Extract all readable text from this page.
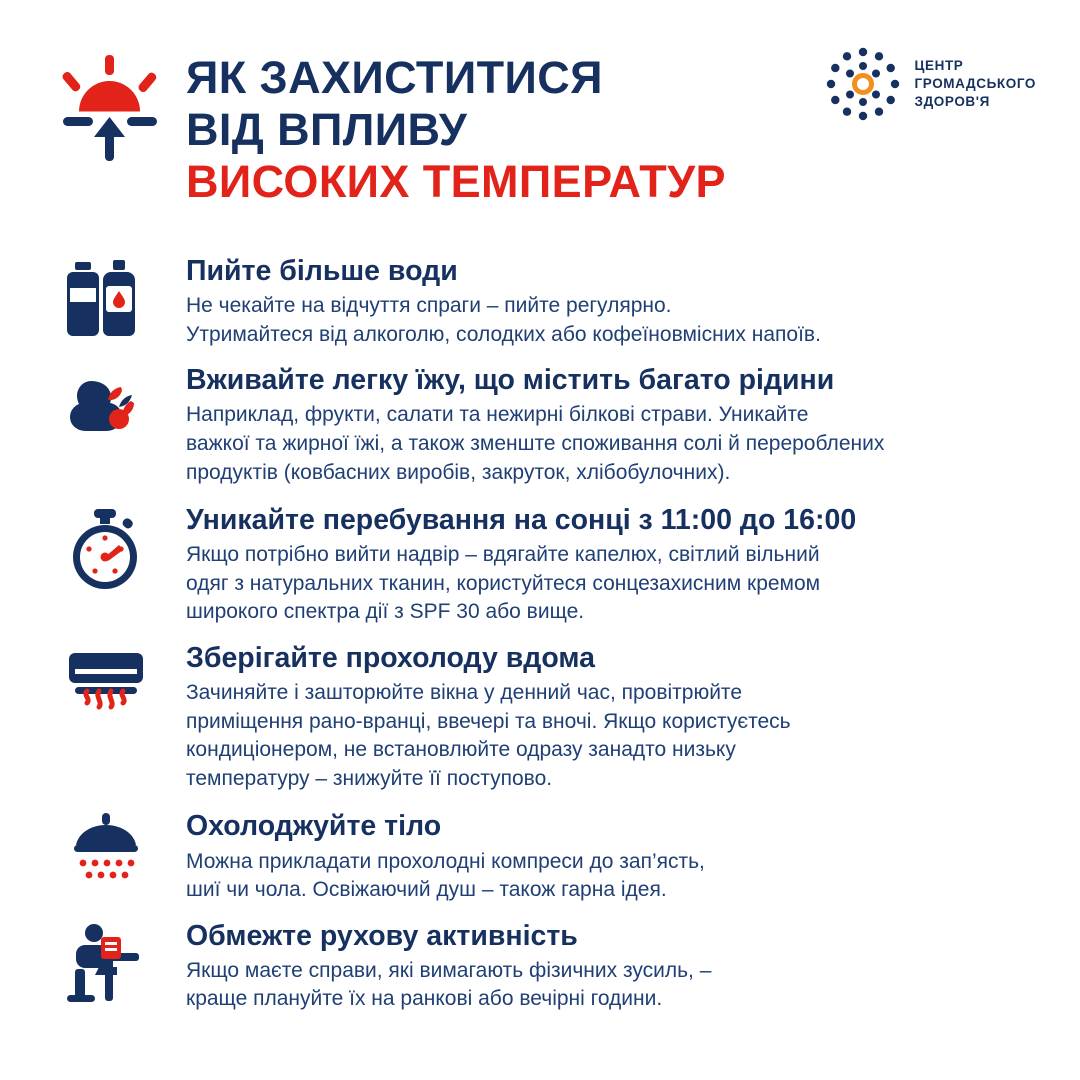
ЯК ЗАХИСТИТИСЯ
ВІД ВПЛИВУ
ВИСОКИХ ТЕМПЕРАТУР
ЦЕНТР
ГРОМАДСЬКОГО
ЗДОРОВ'Я
Пийте більше води
Не чекайте на відчуття спраги – пийте регулярно.
Утримайтеся від алкоголю, солодких або кофеїновмісних напоїв.
Вживайте легку їжу, що містить багато рідини
Наприклад, фрукти, салати та нежирні білкові страви. Уникайте
важкої та жирної їжі, а також зменште споживання солі й перероблених
продуктів (ковбасних виробів, закруток, хлібобулочних).
Уникайте перебування на сонці з 11:00 до 16:00
Якщо потрібно вийти надвір – вдягайте капелюх, світлий вільний
одяг з натуральних тканин, користуйтеся сонцезахисним кремом
широкого спектра дії з SPF 30 або вище.
Зберігайте прохолоду вдома
Зачиняйте і зашторюйте вікна у денний час, провітрюйте
приміщення рано-вранці, ввечері та вночі. Якщо користуєтесь
кондиціонером, не встановлюйте одразу занадто низьку
температуру – знижуйте її поступово.
Охолоджуйте тіло
Можна прикладати прохолодні компреси до зап’ясть,
шиї чи чола. Освіжаючий душ – також гарна ідея.
Обмежте рухову активність
Якщо маєте справи, які вимагають фізичних зусиль, –
краще плануйте їх на ранкові або вечірні години.
